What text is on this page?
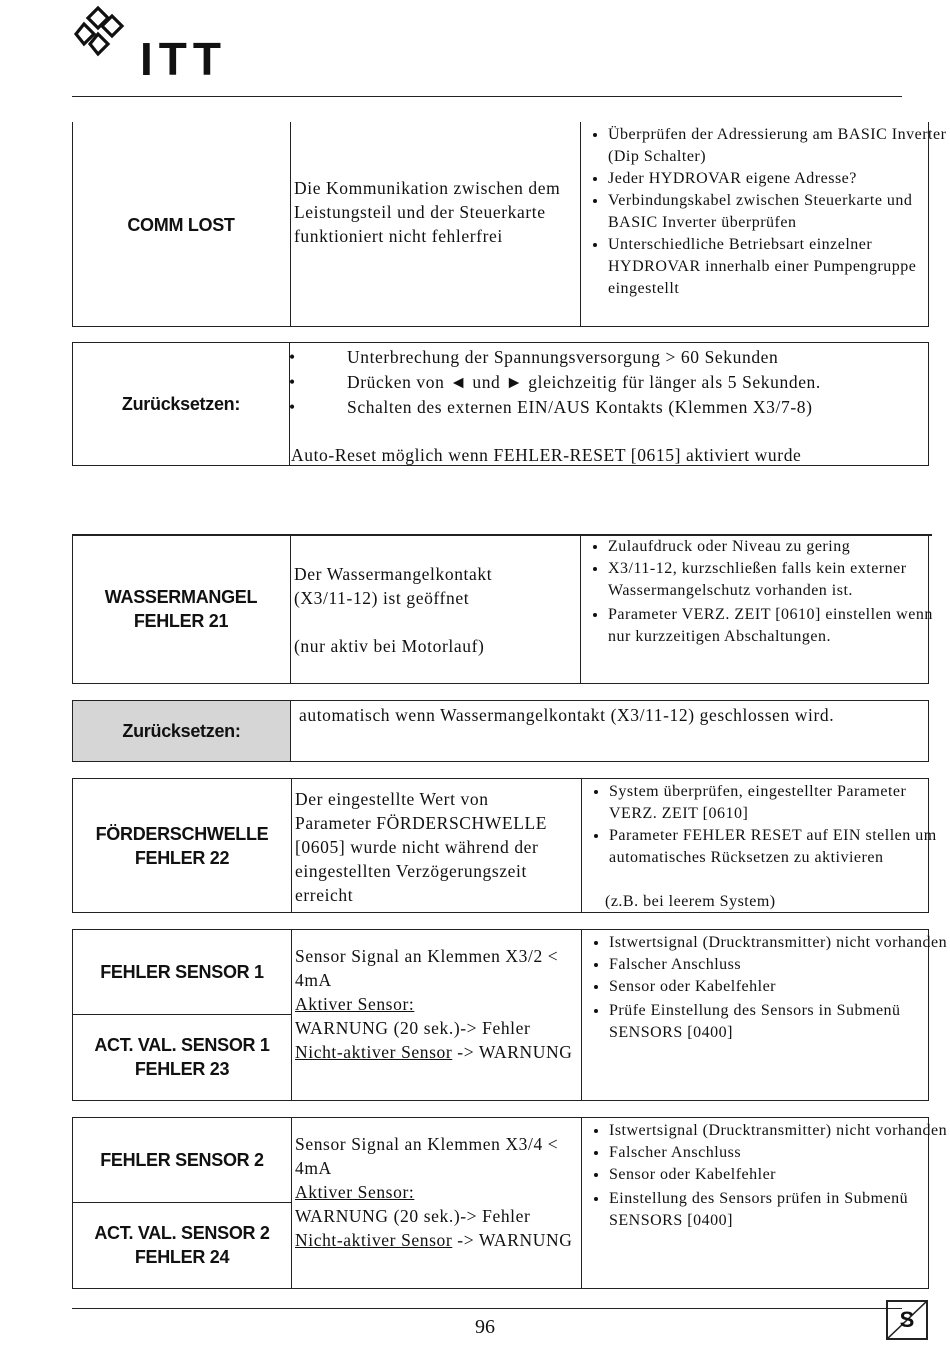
ITT
COMM LOST
Die Kommunikation zwischen dem Leistungsteil und der Steuerkarte funktioniert nicht fehlerfrei
• Überprüfen der Adressierung am BASIC Inverter (Dip Schalter)
• Jeder HYDROVAR eigene Adresse?
• Verbindungskabel zwischen Steuerkarte und BASIC Inverter überprüfen
• Unterschiedliche Betriebsart einzelner HYDROVAR innerhalb einer Pumpengruppe eingestellt
Zurücksetzen:
• Unterbrechung der Spannungsversorgung > 60 Sekunden
• Drücken von ◄ und ► gleichzeitig für länger als 5 Sekunden.
• Schalten des externen EIN/AUS Kontakts (Klemmen X3/7-8)
Auto-Reset möglich wenn FEHLER-RESET [0615] aktiviert wurde
WASSERMANGEL
FEHLER 21
Der Wassermangelkontakt (X3/11-12) ist geöffnet
(nur aktiv bei Motorlauf)
• Zulaufdruck oder Niveau zu gering
• X3/11-12, kurzschließen falls kein externer Wassermangelschutz vorhanden ist.
• Parameter VERZ. ZEIT [0610] einstellen wenn nur kurzzeitigen Abschaltungen.
Zurücksetzen:
automatisch wenn Wassermangelkontakt (X3/11-12) geschlossen wird.
FÖRDERSCHWELLE
FEHLER 22
Der eingestellte Wert von Parameter FÖRDERSCHWELLE [0605] wurde nicht während der eingestellten Verzögerungszeit erreicht
• System überprüfen, eingestellter Parameter VERZ. ZEIT [0610]
• Parameter FEHLER RESET auf EIN stellen um automatisches Rücksetzen zu aktivieren
(z.B. bei leerem System)
FEHLER SENSOR 1
ACT. VAL. SENSOR 1
FEHLER 23
Sensor Signal an Klemmen X3/2 < 4mA
Aktiver Sensor:
WARNUNG (20 sek.)-> Fehler
Nicht-aktiver Sensor -> WARNUNG
• Istwertsignal (Drucktransmitter) nicht vorhanden
• Falscher Anschluss
• Sensor oder Kabelfehler
• Prüfe Einstellung des Sensors in Submenü SENSORS [0400]
FEHLER SENSOR 2
ACT. VAL. SENSOR 2
FEHLER 24
Sensor Signal an Klemmen X3/4 < 4mA
Aktiver Sensor:
WARNUNG (20 sek.)-> Fehler
Nicht-aktiver Sensor -> WARNUNG
• Istwertsignal (Drucktransmitter) nicht vorhanden
• Falscher Anschluss
• Sensor oder Kabelfehler
• Einstellung des Sensors prüfen in Submenü SENSORS [0400]
96	S
